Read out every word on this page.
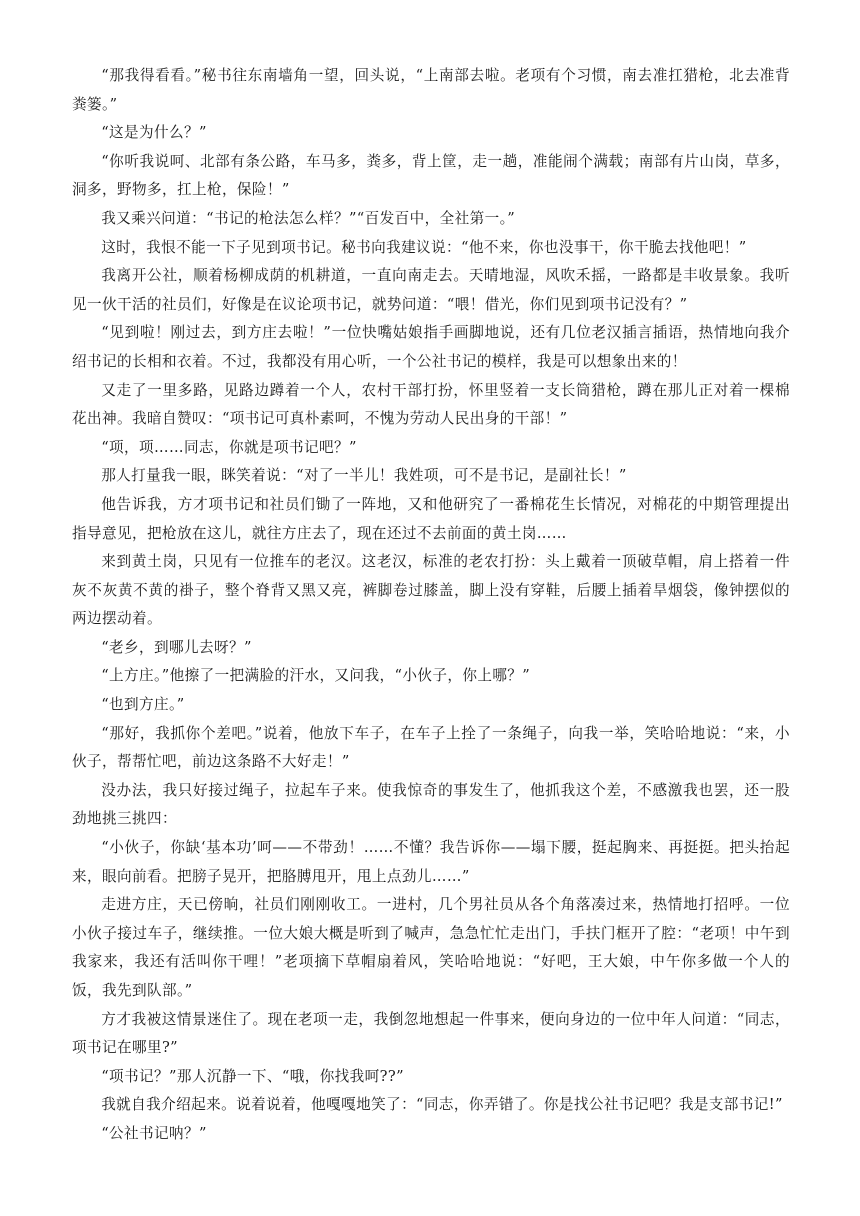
“那我得看看。”秘书往东南墙角一望，回头说，“上南部去啦。老项有个习惯，南去准扛猎枪，北去准背粪篓。”

“这是为什么？”

“你听我说呵、北部有条公路，车马多，粪多，背上筐，走一趟，准能闹个满载；南部有片山岗，草多，洞多，野物多，扛上枪，保险！”

我又乘兴问道：“书记的枪法怎么样？”“百发百中，全社第一。”

这时，我恨不能一下子见到项书记。秘书向我建议说：“他不来，你也没事干，你干脆去找他吧！”

我离开公社，顺着杨柳成荫的机耕道，一直向南走去。天晴地湿，风吹禾摇，一路都是丰收景象。我听见一伙干活的社员们，好像是在议论项书记，就势问道：“喂！借光，你们见到项书记没有？”

“见到啦！刚过去，到方庄去啦！”一位快嘴姑娘指手画脚地说，还有几位老汉插言插语，热情地向我介绍书记的长相和衣着。不过，我都没有用心听，一个公社书记的模样，我是可以想象出来的！

又走了一里多路，见路边蹲着一个人，农村干部打扮，怀里竖着一支长筒猎枪，蹲在那儿正对着一棵棉花出神。我暗自赞叹：“项书记可真朴素呵，不愧为劳动人民出身的干部！”

“项，项……同志，你就是项书记吧？”

那人打量我一眼，眯笑着说：“对了一半儿！我姓项，可不是书记，是副社长！”

他告诉我，方才项书记和社员们锄了一阵地，又和他研究了一番棉花生长情况，对棉花的中期管理提出指导意见，把枪放在这儿，就往方庄去了，现在还过不去前面的黄土岗……

来到黄土岗，只见有一位推车的老汉。这老汉，标准的老农打扮：头上戴着一顶破草帽，肩上搭着一件灰不灰黄不黄的褂子，整个脊背又黑又亮，裤脚卷过膝盖，脚上没有穿鞋，后腰上插着旱烟袋，像钟摆似的两边摆动着。

“老乡，到哪儿去呀？”

“上方庄。”他擦了一把满脸的汗水，又问我，“小伙子，你上哪？”

“也到方庄。”

“那好，我抓你个差吧。”说着，他放下车子，在车子上拴了一条绳子，向我一举，笑哈哈地说：“来，小伙子，帮帮忙吧，前边这条路不大好走！”

没办法，我只好接过绳子，拉起车子来。使我惊奇的事发生了，他抓我这个差，不感激我也罢，还一股劲地挑三挑四：

“小伙子，你缺‘基本功’呵——不带劲！……不懂？我告诉你——塌下腰，挺起胸来、再挺挺。把头抬起来，眼向前看。把膀子晃开，把胳膊甩开，甩上点劲儿……”

走进方庄，天已傍晌，社员们刚刚收工。一进村，几个男社员从各个角落凑过来，热情地打招呼。一位小伙子接过车子，继续推。一位大娘大概是听到了喊声，急急忙忙走出门，手扶门框开了腔：“老项！中午到我家来，我还有活叫你干哩！”老项摘下草帽扇着风，笑哈哈地说：“好吧，王大娘，中午你多做一个人的饭，我先到队部。”

方才我被这情景迷住了。现在老项一走，我倒忽地想起一件事来，便向身边的一位中年人问道：“同志，项书记在哪里?”

“项书记？”那人沉静一下、“哦，你找我呵??”

我就自我介绍起来。说着说着，他嘎嘎地笑了：“同志，你弄错了。你是找公社书记吧？我是支部书记!”

“公社书记呐？”
